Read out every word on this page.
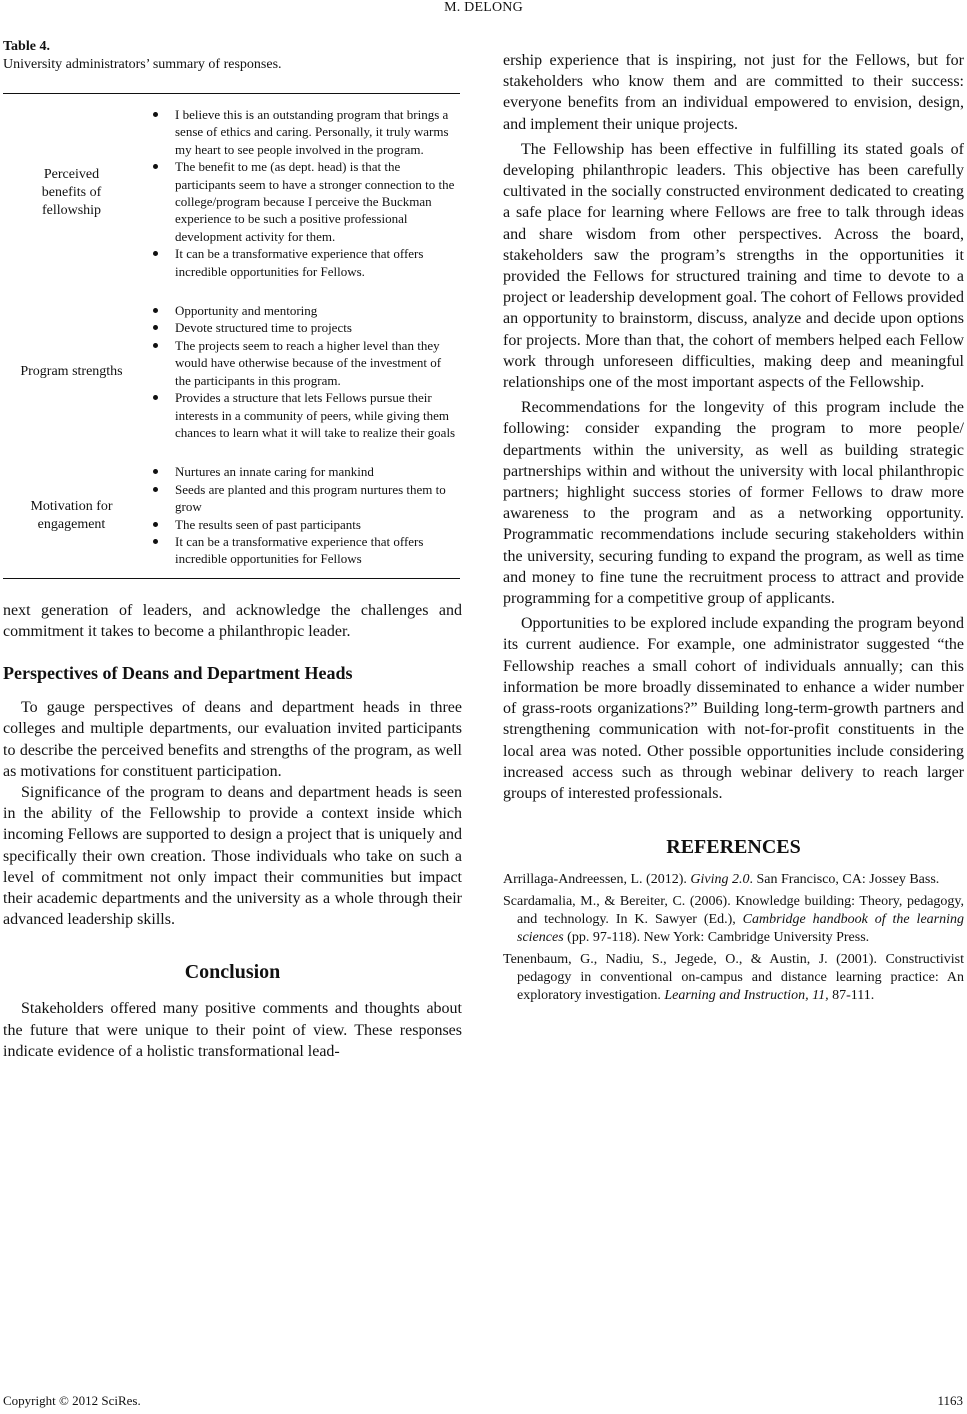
M. DELONG

Table 4.

University administrators’ summary of responses.

Perceived
benefits of
fellowship
I believe this is an outstanding program that brings a sense of ethics and caring. Personally, it truly warms my heart to see people involved in the program.
The benefit to me (as dept. head) is that the participants seem to have a stronger connection to the college/program because I perceive the Buckman experience to be such a positive professional development activity for them.
It can be a transformative experience that offers incredible opportunities for Fellows.
Program strengths
Opportunity and mentoring
Devote structured time to projects
The projects seem to reach a higher level than they would have otherwise because of the investment of the participants in this program.
Provides a structure that lets Fellows pursue their interests in a community of peers, while giving them chances to learn what it will take to realize their goals
Motivation for
engagement
Nurtures an innate caring for mankind
Seeds are planted and this program nurtures them to grow
The results seen of past participants
It can be a transformative experience that offers incredible opportunities for Fellows

next generation of leaders, and acknowledge the challenges and commitment it takes to become a philanthropic leader.

Perspectives of Deans and Department Heads

To gauge perspectives of deans and department heads in three colleges and multiple departments, our evaluation invited participants to describe the perceived benefits and strengths of the program, as well as motivations for constituent participation.

Significance of the program to deans and department heads is seen in the ability of the Fellowship to provide a context inside which incoming Fellows are supported to design a project that is uniquely and specifically their own creation. Those individuals who take on such a level of commitment not only impact their communities but impact their academic departments and the university as a whole through their advanced leadership skills.

Conclusion

Stakeholders offered many positive comments and thoughts about the future that were unique to their point of view. These responses indicate evidence of a holistic transformational lead-

ership experience that is inspiring, not just for the Fellows, but for stakeholders who know them and are committed to their success: everyone benefits from an individual empowered to envision, design, and implement their unique projects.

The Fellowship has been effective in fulfilling its stated goals of developing philanthropic leaders. This objective has been carefully cultivated in the socially constructed environment dedicated to creating a safe place for learning where Fellows are free to talk through ideas and share wisdom from other perspectives. Across the board, stakeholders saw the program’s strengths in the opportunities it provided the Fellows for structured training and time to devote to a project or leadership development goal. The cohort of Fellows provided an opportunity to brainstorm, discuss, analyze and decide upon options for projects. More than that, the cohort of members helped each Fellow work through unforeseen difficulties, making deep and meaningful relationships one of the most important aspects of the Fellowship.

Recommendations for the longevity of this program include the following: consider expanding the program to more people/ departments within the university, as well as building strategic partnerships within and without the university with local philanthropic partners; highlight success stories of former Fellows to draw more awareness to the program and as a networking opportunity. Programmatic recommendations include securing stakeholders within the university, securing funding to expand the program, as well as time and money to fine tune the recruitment process to attract and provide programming for a competitive group of applicants.

Opportunities to be explored include expanding the program beyond its current audience. For example, one administrator suggested “the Fellowship reaches a small cohort of individuals annually; can this information be more broadly disseminated to enhance a wider number of grass-roots organizations?” Building long-term-growth partners and strengthening communication with not-for-profit constituents in the local area was noted. Other possible opportunities include considering increased access such as through webinar delivery to reach larger groups of interested professionals.

REFERENCES

Arrillaga-Andreessen, L. (2012). Giving 2.0. San Francisco, CA: Jossey Bass.

Scardamalia, M., & Bereiter, C. (2006). Knowledge building: Theory, pedagogy, and technology. In K. Sawyer (Ed.), Cambridge handbook of the learning sciences (pp. 97-118). New York: Cambridge University Press.

Tenenbaum, G., Nadiu, S., Jegede, O., & Austin, J. (2001). Constructivist pedagogy in conventional on-campus and distance learning practice: An exploratory investigation. Learning and Instruction, 11, 87-111.

Copyright © 2012 SciRes.	1163
